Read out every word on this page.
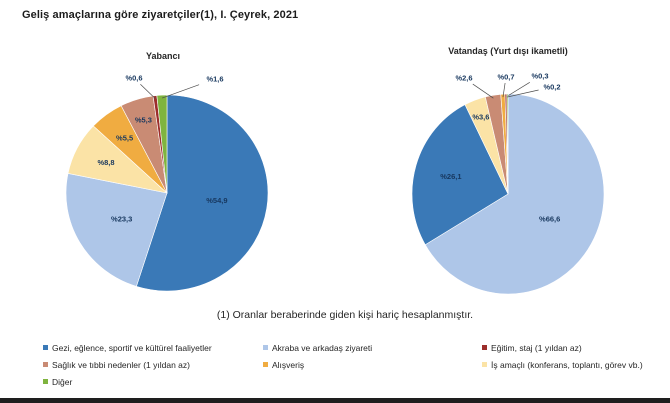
Geliş amaçlarına göre ziyaretçiler(1), I. Çeyrek, 2021
Yabancı	Vatandaş (Yurt dışı ikametli)
%54,9
%23,3
%8,8
%5,5
%5,3
%0,6	%1,6
%66,6
%26,1
%3,6
%2,6	%0,7 %0,3
%0,2
(1) Oranlar beraberinde giden kişi hariç hesaplanmıştır.
Gezi, eğlence, sportif ve kültürel faaliyetler	Akraba ve arkadaş ziyareti	Eğitim, staj (1 yıldan az)
Sağlık ve tıbbi nedenler (1 yıldan az)	Alışveriş	İş amaçlı (konferans, toplantı, görev vb.)
Diğer
